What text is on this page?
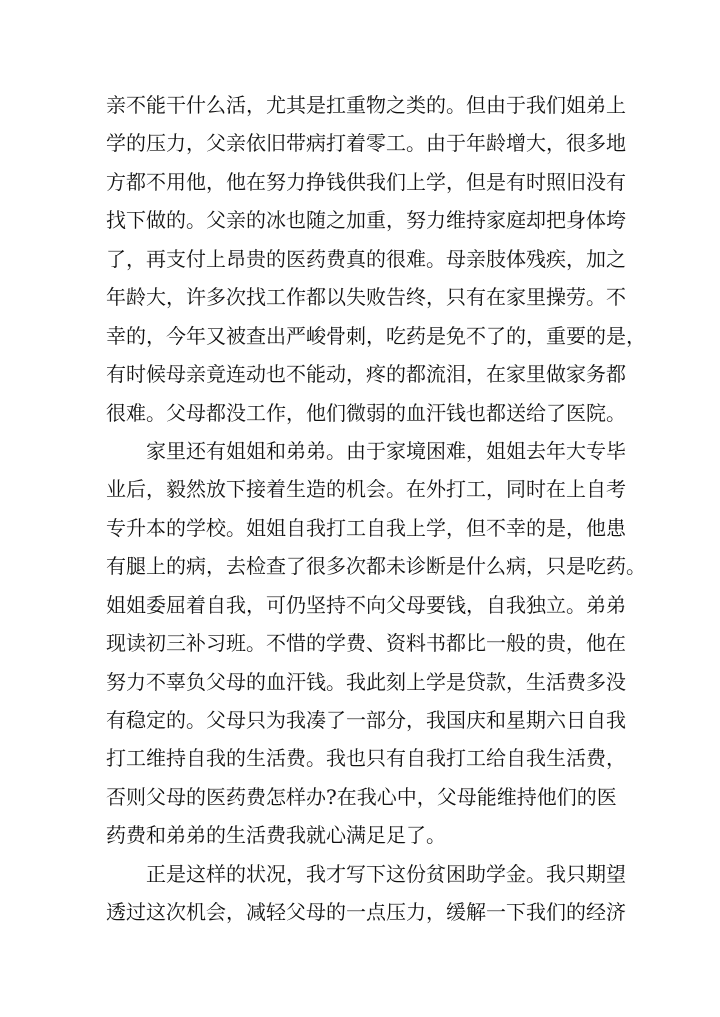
亲不能干什么活，尤其是扛重物之类的。但由于我们姐弟上
学的压力，父亲依旧带病打着零工。由于年龄增大，很多地
方都不用他，他在努力挣钱供我们上学，但是有时照旧没有
找下做的。父亲的冰也随之加重，努力维持家庭却把身体垮
了，再支付上昂贵的医药费真的很难。母亲肢体残疾，加之
年龄大，许多次找工作都以失败告终，只有在家里操劳。不
幸的，今年又被查出严峻骨刺，吃药是免不了的，重要的是，
有时候母亲竟连动也不能动，疼的都流泪，在家里做家务都
很难。父母都没工作，他们微弱的血汗钱也都送给了医院。
家里还有姐姐和弟弟。由于家境困难，姐姐去年大专毕
业后，毅然放下接着生造的机会。在外打工，同时在上自考
专升本的学校。姐姐自我打工自我上学，但不幸的是，他患
有腿上的病，去检查了很多次都未诊断是什么病，只是吃药。
姐姐委屈着自我，可仍坚持不向父母要钱，自我独立。弟弟
现读初三补习班。不惜的学费、资料书都比一般的贵，他在
努力不辜负父母的血汗钱。我此刻上学是贷款，生活费多没
有稳定的。父母只为我凑了一部分，我国庆和星期六日自我
打工维持自我的生活费。我也只有自我打工给自我生活费，
否则父母的医药费怎样办?在我心中，父母能维持他们的医
药费和弟弟的生活费我就心满足足了。
正是这样的状况，我才写下这份贫困助学金。我只期望
透过这次机会，减轻父母的一点压力，缓解一下我们的经济
